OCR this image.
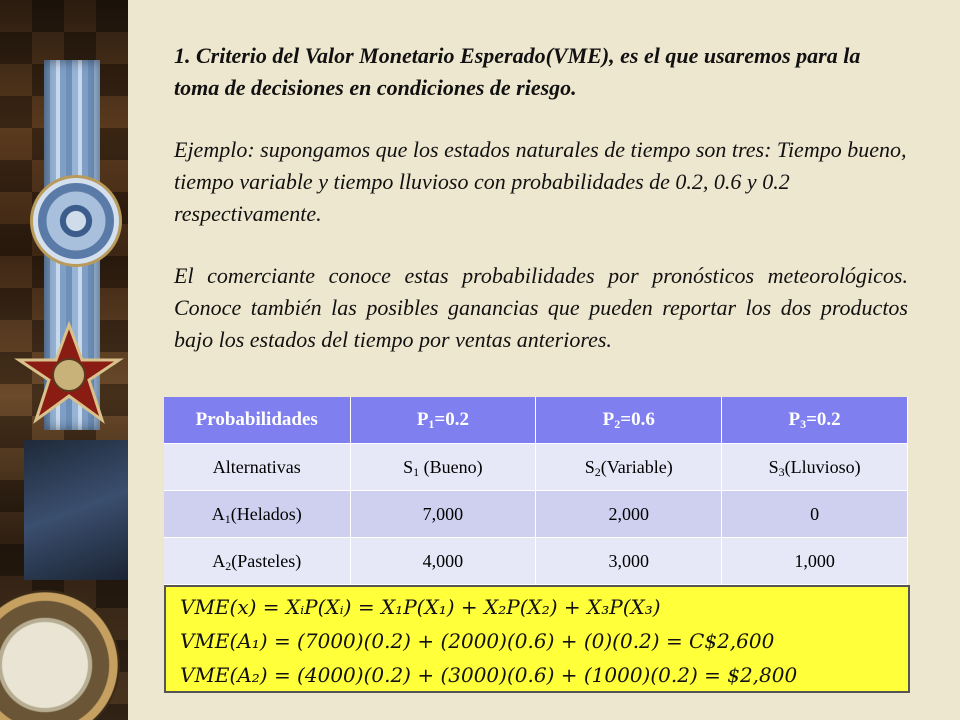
1. Criterio del Valor Monetario Esperado(VME), es el que usaremos para la toma de decisiones en condiciones de riesgo.

Ejemplo: supongamos que los estados naturales de tiempo son tres: Tiempo bueno, tiempo variable y tiempo lluvioso con probabilidades de 0.2, 0.6 y 0.2 respectivamente.

El comerciante conoce estas probabilidades por pronósticos meteorológicos. Conoce también las posibles ganancias que pueden reportar los dos productos bajo los estados del tiempo por ventas anteriores.

Probabilidades	$P_1=0.2$	$P_2=0.6$	$P_3=0.2$
Alternativas	$S_1$ (Bueno)	$S_2(Variable)$	$S_3(Lluvioso)$
$A_1(Helados)$	7,000	2,000	0
$A_2(Pasteles)$	4,000	3,000	1,000
VME(x) = XᵢP(Xᵢ) = X₁P(X₁) + X₂P(X₂) + X₃P(X₃)
VME(A₁) = (7000)(0.2) + (2000)(0.6) + (0)(0.2) = C$2,600
VME(A₂) = (4000)(0.2) + (3000)(0.6) + (1000)(0.2) = $2,800
